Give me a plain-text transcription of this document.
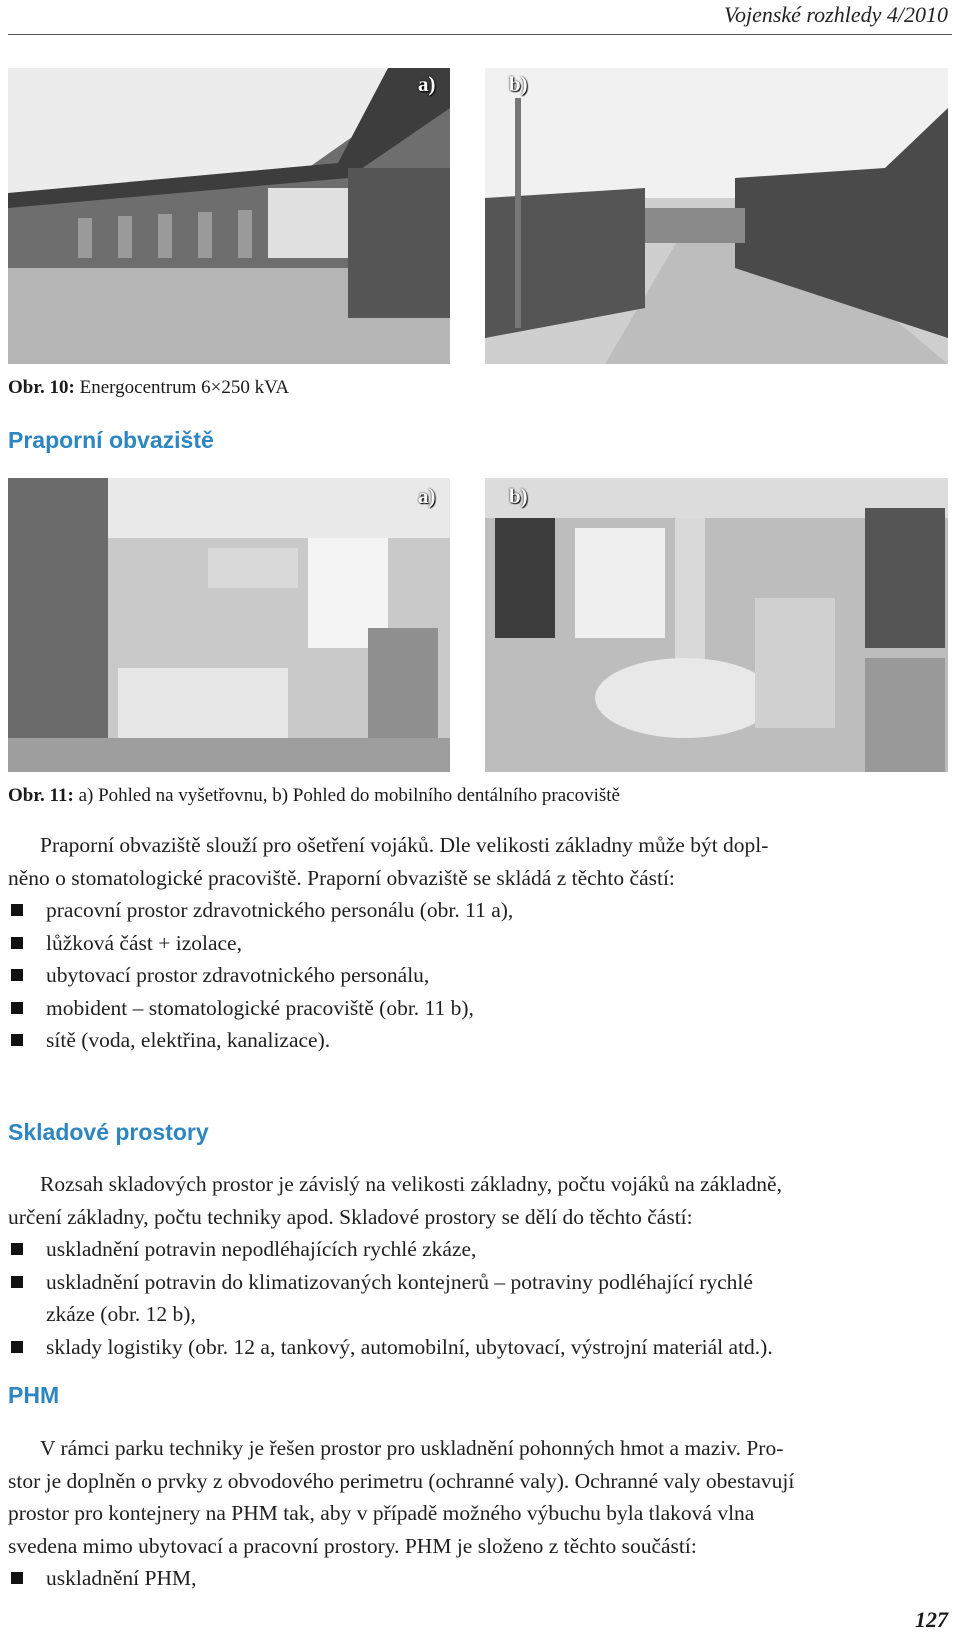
Vojenské rozhledy 4/2010
a)	b)
Obr. 10: Energocentrum 6×250 kVA
Praporní obvaziště
a)	b)
Obr. 11: a) Pohled na vyšetřovnu, b) Pohled do mobilního dentálního pracoviště

Praporní obvaziště slouží pro ošetření vojáků. Dle velikosti základny může být dopl-

něno o stomatologické pracoviště. Praporní obvaziště se skládá z těchto částí:

pracovní prostor zdravotnického personálu (obr. 11 a),
lůžková část + izolace,
ubytovací prostor zdravotnického personálu,
mobident – stomatologické pracoviště (obr. 11 b),
sítě (voda, elektřina, kanalizace).
Skladové prostory

Rozsah skladových prostor je závislý na velikosti základny, počtu vojáků na základně,

určení základny, počtu techniky apod. Skladové prostory se dělí do těchto částí:

uskladnění potravin nepodléhajících rychlé zkáze,
uskladnění potravin do klimatizovaných kontejnerů – potraviny podléhající rychlé
zkáze (obr. 12 b),
sklady logistiky (obr. 12 a, tankový, automobilní, ubytovací, výstrojní materiál atd.).
PHM

V rámci parku techniky je řešen prostor pro uskladnění pohonných hmot a maziv. Pro-

stor je doplněn o prvky z obvodového perimetru (ochranné valy). Ochranné valy obestavují

prostor pro kontejnery na PHM tak, aby v případě možného výbuchu byla tlaková vlna

svedena mimo ubytovací a pracovní prostory. PHM je složeno z těchto součástí:

uskladnění PHM,
127
